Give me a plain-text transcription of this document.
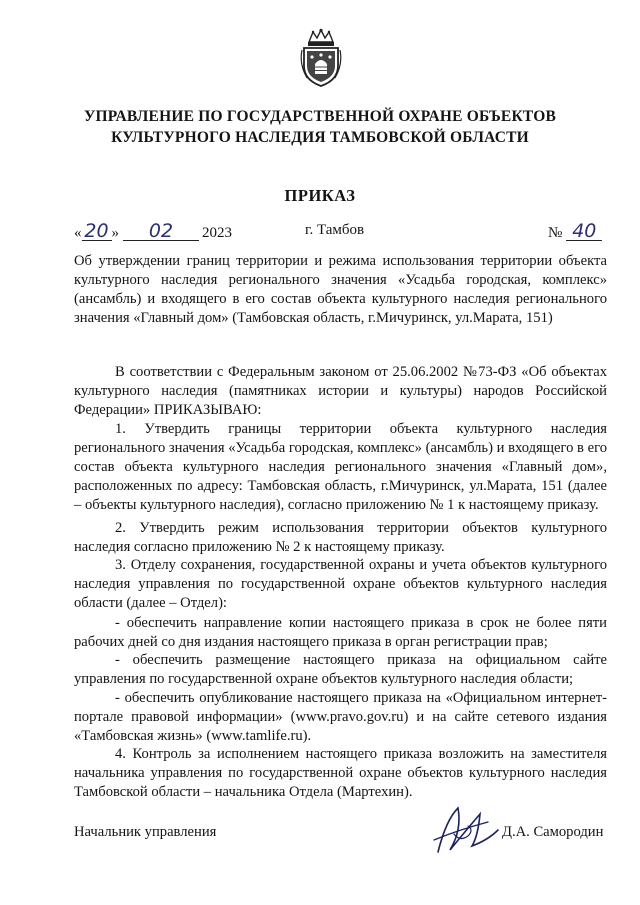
УПРАВЛЕНИЕ ПО ГОСУДАРСТВЕННОЙ ОХРАНЕ ОБЪЕКТОВ
КУЛЬТУРНОГО НАСЛЕДИЯ ТАМБОВСКОЙ ОБЛАСТИ
ПРИКАЗ
« 20 »	02	2023	г. Тамбов	№ 40

Об утверждении границ территории и режима использования территории объекта культурного наследия регионального значения «Усадьба городская, комплекс» (ансамбль) и входящего в его состав объекта культурного наследия регионального значения «Главный дом» (Тамбовская область, г.Мичуринск, ул.Марата, 151)

В соответствии с Федеральным законом от 25.06.2002 №73-ФЗ «Об объектах культурного наследия (памятниках истории и культуры) народов Российской Федерации» ПРИКАЗЫВАЮ:

1. Утвердить границы территории объекта культурного наследия регионального значения «Усадьба городская, комплекс» (ансамбль) и входящего в его состав объекта культурного наследия регионального значения «Главный дом», расположенных по адресу: Тамбовская область, г.Мичуринск, ул.Марата, 151 (далее – объекты культурного наследия), согласно приложению № 1 к настоящему приказу.

2. Утвердить режим использования территории объектов культурного наследия согласно приложению № 2 к настоящему приказу.

3. Отделу сохранения, государственной охраны и учета объектов культурного наследия управления по государственной охране объектов культурного наследия области (далее – Отдел):

- обеспечить направление копии настоящего приказа в срок не более пяти рабочих дней со дня издания настоящего приказа в орган регистрации прав;

- обеспечить размещение настоящего приказа на официальном сайте управления по государственной охране объектов культурного наследия области;

- обеспечить опубликование настоящего приказа на «Официальном интернет-портале правовой информации» (www.pravo.gov.ru) и на сайте сетевого издания «Тамбовская жизнь» (www.tamlife.ru).

4. Контроль за исполнением настоящего приказа возложить на заместителя начальника управления по государственной охране объектов культурного наследия Тамбовской области – начальника Отдела (Мартехин).

Начальник управления	Д.А. Самородин
